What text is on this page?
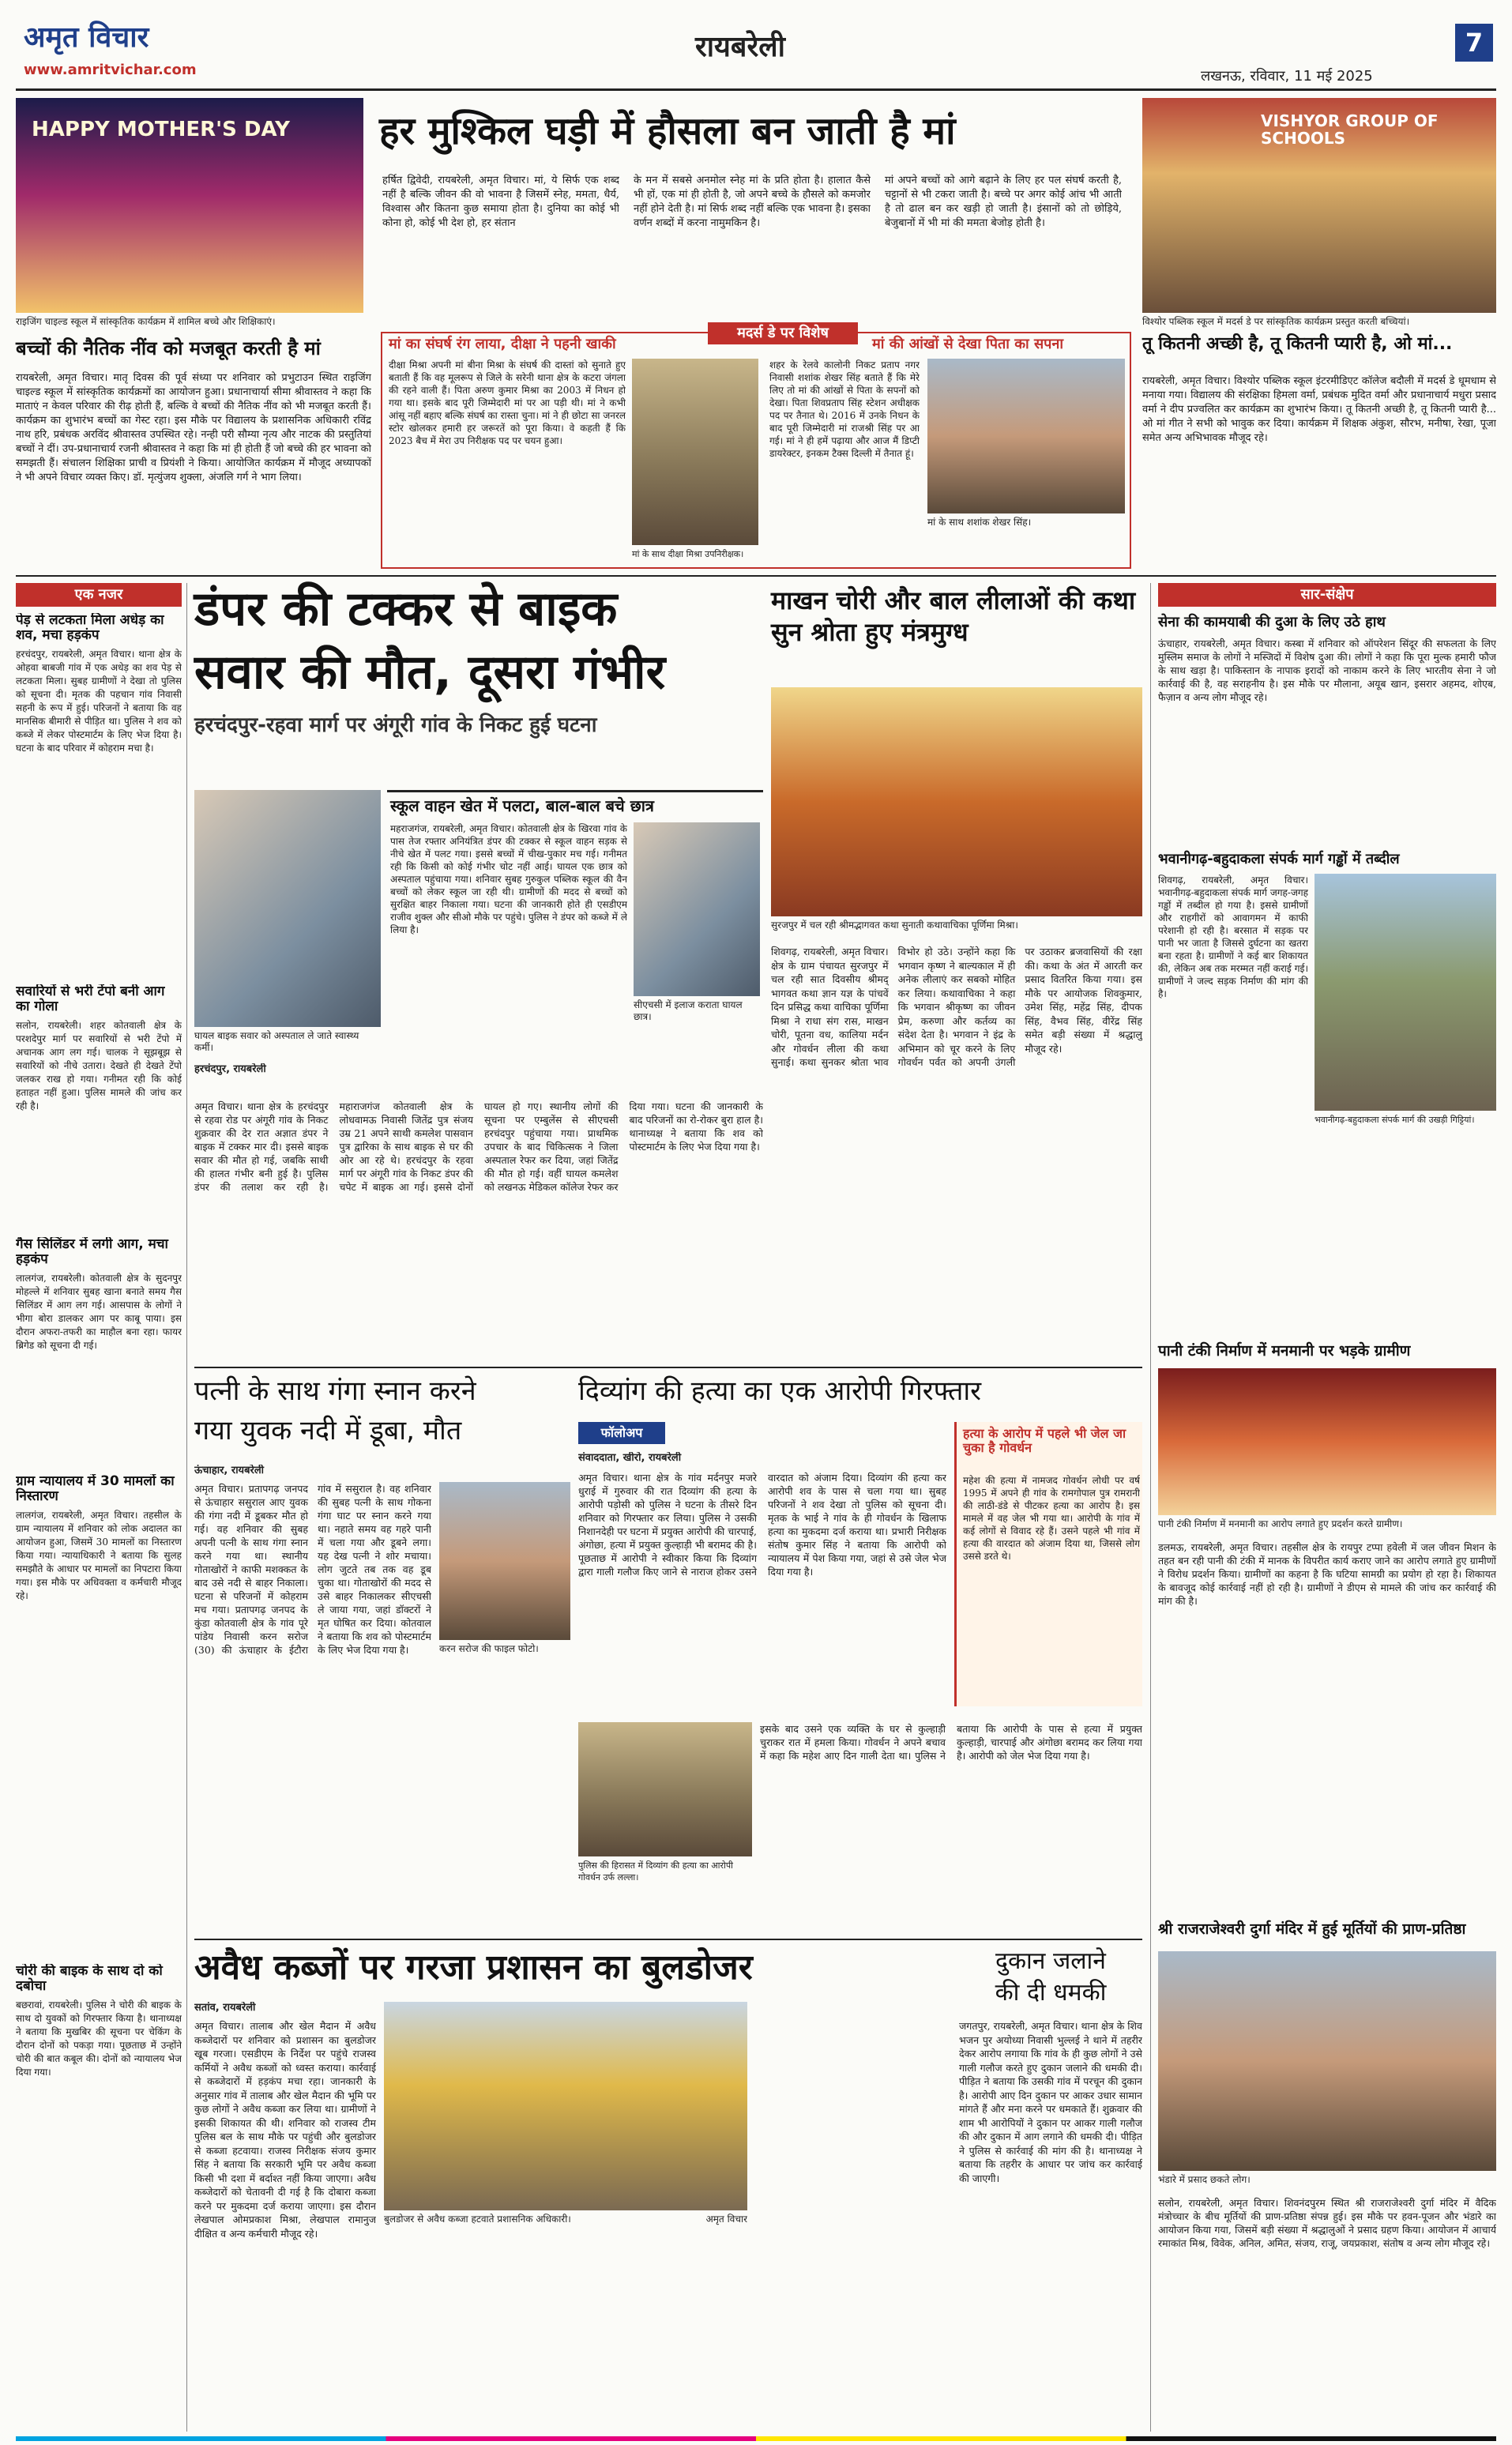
अमृत विचार
www.amritvichar.com
रायबरेली
लखनऊ, रविवार, 11 मई 2025
7
HAPPY MOTHER'S DAY
राइजिंग चाइल्ड स्कूल में सांस्कृतिक कार्यक्रम में शामिल बच्चे और शिक्षिकाएं।
हर मुश्किल घड़ी में हौसला बन जाती है मां
हर्षित द्विवेदी, रायबरेली, अमृत विचार। मां, ये सिर्फ एक शब्द नहीं है बल्कि जीवन की वो भावना है जिसमें स्नेह, ममता, धैर्य, विश्वास और कितना कुछ समाया होता है। दुनिया का कोई भी कोना हो, कोई भी देश हो, हर संतान
के मन में सबसे अनमोल स्नेह मां के प्रति होता है। हालात कैसे भी हों, एक मां ही होती है, जो अपने बच्चे के हौसले को कमजोर नहीं होने देती है। मां सिर्फ शब्द नहीं बल्कि एक भावना है। इसका वर्णन शब्दों में करना नामुमकिन है।
मां अपने बच्चों को आगे बढ़ाने के लिए हर पल संघर्ष करती है, चट्टानों से भी टकरा जाती है। बच्चे पर अगर कोई आंच भी आती है तो ढाल बन कर खड़ी हो जाती है। इंसानों को तो छोड़िये, बेजुबानों में भी मां की ममता बेजोड़ होती है।
VISHYOR GROUP OF SCHOOLS
विश्योर पब्लिक स्कूल में मदर्स डे पर सांस्कृतिक कार्यक्रम प्रस्तुत करती बच्चियां।
बच्चों की नैतिक नींव को मजबूत करती है मां
रायबरेली, अमृत विचार। मातृ दिवस की पूर्व संध्या पर शनिवार को प्रभुटाउन स्थित राइजिंग चाइल्ड स्कूल में सांस्कृतिक कार्यक्रमों का आयोजन हुआ। प्रधानाचार्या सीमा श्रीवास्तव ने कहा कि माताएं न केवल परिवार की रीढ़ होती हैं, बल्कि वे बच्चों की नैतिक नींव को भी मजबूत करती हैं। कार्यक्रम का शुभारंभ बच्चों का गेस्ट रहा। इस मौके पर विद्यालय के प्रशासनिक अधिकारी रविंद्र नाथ हरि, प्रबंधक अरविंद श्रीवास्तव उपस्थित रहे। नन्ही परी सौम्या नृत्य और नाटक की प्रस्तुतियां बच्चों ने दीं। उप-प्रधानाचार्य रजनी श्रीवास्तव ने कहा कि मां ही होती हैं जो बच्चे की हर भावना को समझती हैं। संचालन शिक्षिका प्राची व प्रियंशी ने किया। आयोजित कार्यक्रम में मौजूद अध्यापकों ने भी अपने विचार व्यक्त किए। डॉ. मृत्युंजय शुक्ला, अंजलि गर्ग ने भाग लिया।
मां का संघर्ष रंग लाया, दीक्षा ने पहनी खाकी
दीक्षा मिश्रा अपनी मां बीना मिश्रा के संघर्ष की दास्तां को सुनाते हुए बताती हैं कि वह मूलरूप से जिले के सरेनी थाना क्षेत्र के कटरा जंगला की रहने वाली हैं। पिता अरुण कुमार मिश्रा का 2003 में निधन हो गया था। इसके बाद पूरी जिम्मेदारी मां पर आ पड़ी थी। मां ने कभी आंसू नहीं बहाए बल्कि संघर्ष का रास्ता चुना। मां ने ही छोटा सा जनरल स्टोर खोलकर हमारी हर जरूरतें को पूरा किया। वे कहती हैं कि 2023 बैच में मेरा उप निरीक्षक पद पर चयन हुआ।
मां के साथ दीक्षा मिश्रा उपनिरीक्षक।
मदर्स डे पर विशेष
मां की आंखों से देखा पिता का सपना
शहर के रेलवे कालोनी निकट प्रताप नगर निवासी शशांक शेखर सिंह बताते हैं कि मेरे लिए तो मां की आंखों से पिता के सपनों को देखा। पिता शिवप्रताप सिंह स्टेशन अधीक्षक पद पर तैनात थे। 2016 में उनके निधन के बाद पूरी जिम्मेदारी मां राजश्री सिंह पर आ गई। मां ने ही हमें पढ़ाया और आज मैं डिप्टी डायरेक्टर, इनकम टैक्स दिल्ली में तैनात हूं।
मां के साथ शशांक शेखर सिंह।
तू कितनी अच्छी है, तू कितनी प्यारी है, ओ मां...
रायबरेली, अमृत विचार। विश्योर पब्लिक स्कूल इंटरमीडिएट कॉलेज बदौली में मदर्स डे धूमधाम से मनाया गया। विद्यालय की संरक्षिका हिमला वर्मा, प्रबंधक मुदित वर्मा और प्रधानाचार्य मधुरा प्रसाद वर्मा ने दीप प्रज्वलित कर कार्यक्रम का शुभारंभ किया। तू कितनी अच्छी है, तू कितनी प्यारी है... ओ मां गीत ने सभी को भावुक कर दिया। कार्यक्रम में शिक्षक अंकुश, सौरभ, मनीषा, रेखा, पूजा समेत अन्य अभिभावक मौजूद रहे।
एक नजर
पेड़ से लटकता मिला अधेड़ का शव, मचा हड़कंप
हरचंदपुर, रायबरेली, अमृत विचार। थाना क्षेत्र के ओहवा बाबजी गांव में एक अधेड़ का शव पेड़ से लटकता मिला। सुबह ग्रामीणों ने देखा तो पुलिस को सूचना दी। मृतक की पहचान गांव निवासी सहनी के रूप में हुई। परिजनों ने बताया कि वह मानसिक बीमारी से पीड़ित था। पुलिस ने शव को कब्जे में लेकर पोस्टमार्टम के लिए भेज दिया है। घटना के बाद परिवार में कोहराम मचा है।
सवारियों से भरी टेंपो बनी आग का गोला
सलोन, रायबरेली। शहर कोतवाली क्षेत्र के परशदेपुर मार्ग पर सवारियों से भरी टेंपो में अचानक आग लग गई। चालक ने सूझबूझ से सवारियों को नीचे उतारा। देखते ही देखते टेंपो जलकर राख हो गया। गनीमत रही कि कोई हताहत नहीं हुआ। पुलिस मामले की जांच कर रही है।
गैस सिलिंडर में लगी आग, मचा हड़कंप
लालगंज, रायबरेली। कोतवाली क्षेत्र के सुदनपुर मोहल्ले में शनिवार सुबह खाना बनाते समय गैस सिलिंडर में आग लग गई। आसपास के लोगों ने भीगा बोरा डालकर आग पर काबू पाया। इस दौरान अफरा-तफरी का माहौल बना रहा। फायर ब्रिगेड को सूचना दी गई।
ग्राम न्यायालय में 30 मामलों का निस्तारण
लालगंज, रायबरेली, अमृत विचार। तहसील के ग्राम न्यायालय में शनिवार को लोक अदालत का आयोजन हुआ, जिसमें 30 मामलों का निस्तारण किया गया। न्यायाधिकारी ने बताया कि सुलह समझौते के आधार पर मामलों का निपटारा किया गया। इस मौके पर अधिवक्ता व कर्मचारी मौजूद रहे।
चोरी की बाइक के साथ दो को दबोचा
बछरावां, रायबरेली। पुलिस ने चोरी की बाइक के साथ दो युवकों को गिरफ्तार किया है। थानाध्यक्ष ने बताया कि मुखबिर की सूचना पर चेकिंग के दौरान दोनों को पकड़ा गया। पूछताछ में उन्होंने चोरी की बात कबूल की। दोनों को न्यायालय भेज दिया गया।
डंपर की टक्कर से बाइक
सवार की मौत, दूसरा गंभीर
हरचंदपुर-रहवा मार्ग पर अंगूरी गांव के निकट हुई घटना
घायल बाइक सवार को अस्पताल ले जाते स्वास्थ्य कर्मी।
हरचंदपुर, रायबरेली
स्कूल वाहन खेत में पलटा, बाल-बाल बचे छात्र
महराजगंज, रायबरेली, अमृत विचार। कोतवाली क्षेत्र के खिरवा गांव के पास तेज रफ्तार अनियंत्रित डंपर की टक्कर से स्कूल वाहन सड़क से नीचे खेत में पलट गया। इससे बच्चों में चीख-पुकार मच गई। गनीमत रही कि किसी को कोई गंभीर चोट नहीं आई। घायल एक छात्र को अस्पताल पहुंचाया गया। शनिवार सुबह गुरुकुल पब्लिक स्कूल की वैन बच्चों को लेकर स्कूल जा रही थी। ग्रामीणों की मदद से बच्चों को सुरक्षित बाहर निकाला गया। घटना की जानकारी होते ही एसडीएम राजीव शुक्ल और सीओ मौके पर पहुंचे। पुलिस ने डंपर को कब्जे में ले लिया है।
सीएचसी में इलाज कराता घायल छात्र।
अमृत विचार। थाना क्षेत्र के हरचंदपुर से रहवा रोड पर अंगूरी गांव के निकट शुक्रवार की देर रात अज्ञात डंपर ने बाइक में टक्कर मार दी। इससे बाइक सवार की मौत हो गई, जबकि साथी की हालत गंभीर बनी हुई है। पुलिस डंपर की तलाश कर रही है। महाराजगंज कोतवाली क्षेत्र के लोधवामऊ निवासी जितेंद्र पुत्र संजय उम्र 21 अपने साथी कमलेश पासवान पुत्र द्वारिका के साथ बाइक से घर की ओर आ रहे थे। हरचंदपुर के रहवा मार्ग पर अंगूरी गांव के निकट डंपर की चपेट में बाइक आ गई। इससे दोनों घायल हो गए। स्थानीय लोगों की सूचना पर एम्बुलेंस से सीएचसी हरचंदपुर पहुंचाया गया। प्राथमिक उपचार के बाद चिकित्सक ने जिला अस्पताल रेफर कर दिया, जहां जितेंद्र की मौत हो गई। वहीं घायल कमलेश को लखनऊ मेडिकल कॉलेज रेफर कर दिया गया। घटना की जानकारी के बाद परिजनों का रो-रोकर बुरा हाल है। थानाध्यक्ष ने बताया कि शव को पोस्टमार्टम के लिए भेज दिया गया है।
माखन चोरी और बाल लीलाओं की कथा सुन श्रोता हुए मंत्रमुग्ध
सुरजपुर में चल रही श्रीमद्भागवत कथा सुनाती कथावाचिका पूर्णिमा मिश्रा।
शिवगढ़, रायबरेली, अमृत विचार। क्षेत्र के ग्राम पंचायत सुरजपुर में चल रही सात दिवसीय श्रीमद् भागवत कथा ज्ञान यज्ञ के पांचवें दिन प्रसिद्ध कथा वाचिका पूर्णिमा मिश्रा ने राधा संग रास, माखन चोरी, पूतना वध, कालिया मर्दन और गोवर्धन लीला की कथा सुनाई। कथा सुनकर श्रोता भाव विभोर हो उठे। उन्होंने कहा कि भगवान कृष्ण ने बाल्यकाल में ही अनेक लीलाएं कर सबको मोहित कर लिया। कथावाचिका ने कहा कि भगवान श्रीकृष्ण का जीवन प्रेम, करुणा और कर्तव्य का संदेश देता है। भगवान ने इंद्र के अभिमान को चूर करने के लिए गोवर्धन पर्वत को अपनी उंगली पर उठाकर ब्रजवासियों की रक्षा की। कथा के अंत में आरती कर प्रसाद वितरित किया गया। इस मौके पर आयोजक शिवकुमार, उमेश सिंह, महेंद्र सिंह, दीपक सिंह, वैभव सिंह, वीरेंद्र सिंह समेत बड़ी संख्या में श्रद्धालु मौजूद रहे।
सार-संक्षेप
सेना की कामयाबी की दुआ के लिए उठे हाथ
ऊंचाहार, रायबरेली, अमृत विचार। कस्बा में शनिवार को ऑपरेशन सिंदूर की सफलता के लिए मुस्लिम समाज के लोगों ने मस्जिदों में विशेष दुआ की। लोगों ने कहा कि पूरा मुल्क हमारी फौज के साथ खड़ा है। पाकिस्तान के नापाक इरादों को नाकाम करने के लिए भारतीय सेना ने जो कार्रवाई की है, वह सराहनीय है। इस मौके पर मौलाना, अयूब खान, इसरार अहमद, शोएब, फैज़ान व अन्य लोग मौजूद रहे।
भवानीगढ़-बहुदाकला संपर्क मार्ग गड्ढों में तब्दील
शिवगढ़, रायबरेली, अमृत विचार। भवानीगढ़-बहुदाकला संपर्क मार्ग जगह-जगह गड्ढों में तब्दील हो गया है। इससे ग्रामीणों और राहगीरों को आवागमन में काफी परेशानी हो रही है। बरसात में सड़क पर पानी भर जाता है जिससे दुर्घटना का खतरा बना रहता है। ग्रामीणों ने कई बार शिकायत की, लेकिन अब तक मरम्मत नहीं कराई गई। ग्रामीणों ने जल्द सड़क निर्माण की मांग की है।
भवानीगढ़-बहुदाकला संपर्क मार्ग की उखड़ी गिट्टियां।
पानी टंकी निर्माण में मनमानी पर भड़के ग्रामीण
पानी टंकी निर्माण में मनमानी का आरोप लगाते हुए प्रदर्शन करते ग्रामीण।
डलमऊ, रायबरेली, अमृत विचार। तहसील क्षेत्र के रायपुर टप्पा हवेली में जल जीवन मिशन के तहत बन रही पानी की टंकी में मानक के विपरीत कार्य कराए जाने का आरोप लगाते हुए ग्रामीणों ने विरोध प्रदर्शन किया। ग्रामीणों का कहना है कि घटिया सामग्री का प्रयोग हो रहा है। शिकायत के बावजूद कोई कार्रवाई नहीं हो रही है। ग्रामीणों ने डीएम से मामले की जांच कर कार्रवाई की मांग की है।
श्री राजराजेश्वरी दुर्गा मंदिर में हुई मूर्तियों की प्राण-प्रतिष्ठा
भंडारे में प्रसाद छकते लोग।
सलोन, रायबरेली, अमृत विचार। शिवनंदपुरम स्थित श्री राजराजेश्वरी दुर्गा मंदिर में वैदिक मंत्रोच्चार के बीच मूर्तियों की प्राण-प्रतिष्ठा संपन्न हुई। इस मौके पर हवन-पूजन और भंडारे का आयोजन किया गया, जिसमें बड़ी संख्या में श्रद्धालुओं ने प्रसाद ग्रहण किया। आयोजन में आचार्य रमाकांत मिश्र, विवेक, अनिल, अमित, संजय, राजू, जयप्रकाश, संतोष व अन्य लोग मौजूद रहे।
पत्नी के साथ गंगा स्नान करने
गया युवक नदी में डूबा, मौत
ऊंचाहार, रायबरेली
अमृत विचार। प्रतापगढ़ जनपद से ऊंचाहार ससुराल आए युवक की गंगा नदी में डूबकर मौत हो गई। वह शनिवार की सुबह अपनी पत्नी के साथ गंगा स्नान करने गया था। स्थानीय गोताखोरों ने काफी मशक्कत के बाद उसे नदी से बाहर निकाला। घटना से परिजनों में कोहराम मच गया। प्रतापगढ़ जनपद के कुंडा कोतवाली क्षेत्र के गांव पूरे पांडेय निवासी करन सरोज (30) की ऊंचाहार के ईटौरा गांव में ससुराल है। वह शनिवार की सुबह पत्नी के साथ गोकना गंगा घाट पर स्नान करने गया था। नहाते समय वह गहरे पानी में चला गया और डूबने लगा। यह देख पत्नी ने शोर मचाया। लोग जुटते तब तक वह डूब चुका था। गोताखोरों की मदद से उसे बाहर निकालकर सीएचसी ले जाया गया, जहां डॉक्टरों ने मृत घोषित कर दिया। कोतवाल ने बताया कि शव को पोस्टमार्टम के लिए भेज दिया गया है।	करन सरोज की फाइल फोटो।
दिव्यांग की हत्या का एक आरोपी गिरफ्तार
फॉलोअप
संवाददाता, खीरो, रायबरेली
अमृत विचार। थाना क्षेत्र के गांव मर्दनपुर मजरे धुराई में गुरुवार की रात दिव्यांग की हत्या के आरोपी पड़ोसी को पुलिस ने घटना के तीसरे दिन शनिवार को गिरफ्तार कर लिया। पुलिस ने उसकी निशानदेही पर घटना में प्रयुक्त आरोपी की चारपाई, अंगोछा, हत्या में प्रयुक्त कुल्हाड़ी भी बरामद की है। पूछताछ में आरोपी ने स्वीकार किया कि दिव्यांग द्वारा गाली गलौज किए जाने से नाराज होकर उसने वारदात को अंजाम दिया। दिव्यांग की हत्या कर आरोपी शव के पास से चला गया था। सुबह परिजनों ने शव देखा तो पुलिस को सूचना दी। मृतक के भाई ने गांव के ही गोवर्धन के खिलाफ हत्या का मुकदमा दर्ज कराया था। प्रभारी निरीक्षक संतोष कुमार सिंह ने बताया कि आरोपी को न्यायालय में पेश किया गया, जहां से उसे जेल भेज दिया गया है।
हत्या के आरोप में पहले भी जेल जा चुका है गोवर्धन
महेश की हत्या में नामजद गोवर्धन लोधी पर वर्ष 1995 में अपने ही गांव के रामगोपाल पुत्र रामरानी की लाठी-डंडे से पीटकर हत्या का आरोप है। इस मामले में वह जेल भी गया था। आरोपी के गांव में कई लोगों से विवाद रहे हैं। उसने पहले भी गांव में हत्या की वारदात को अंजाम दिया था, जिससे लोग उससे डरते थे।
पुलिस की हिरासत में दिव्यांग की हत्या का आरोपी गोवर्धन उर्फ लल्ला।
इसके बाद उसने एक व्यक्ति के घर से कुल्हाड़ी चुराकर रात में हमला किया। गोवर्धन ने अपने बचाव में कहा कि महेश आए दिन गाली देता था। पुलिस ने बताया कि आरोपी के पास से हत्या में प्रयुक्त कुल्हाड़ी, चारपाई और अंगोछा बरामद कर लिया गया है। आरोपी को जेल भेज दिया गया है।
अवैध कब्जों पर गरजा प्रशासन का बुलडोजर
सतांव, रायबरेली
बुलडोजर से अवैध कब्जा हटवाते प्रशासनिक अधिकारी।	अमृत विचार
अमृत विचार। तालाब और खेल मैदान में अवैध कब्जेदारों पर शनिवार को प्रशासन का बुलडोजर खूब गरजा। एसडीएम के निर्देश पर पहुंचे राजस्व कर्मियों ने अवैध कब्जों को ध्वस्त कराया। कार्रवाई से कब्जेदारों में हड़कंप मचा रहा। जानकारी के अनुसार गांव में तालाब और खेल मैदान की भूमि पर कुछ लोगों ने अवैध कब्जा कर लिया था। ग्रामीणों ने इसकी शिकायत की थी। शनिवार को राजस्व टीम पुलिस बल के साथ मौके पर पहुंची और बुलडोजर से कब्जा हटवाया। राजस्व निरीक्षक संजय कुमार सिंह ने बताया कि सरकारी भूमि पर अवैध कब्जा किसी भी दशा में बर्दाश्त नहीं किया जाएगा। अवैध कब्जेदारों को चेतावनी दी गई है कि दोबारा कब्जा करने पर मुकदमा दर्ज कराया जाएगा। इस दौरान लेखपाल ओमप्रकाश मिश्रा, लेखपाल रामानुज दीक्षित व अन्य कर्मचारी मौजूद रहे।
दुकान जलाने
की दी धमकी
जगतपुर, रायबरेली, अमृत विचार। थाना क्षेत्र के शिव भजन पुर अयोध्या निवासी भुल्लई ने थाने में तहरीर देकर आरोप लगाया कि गांव के ही कुछ लोगों ने उसे गाली गलौज करते हुए दुकान जलाने की धमकी दी। पीड़ित ने बताया कि उसकी गांव में परचून की दुकान है। आरोपी आए दिन दुकान पर आकर उधार सामान मांगते हैं और मना करने पर धमकाते हैं। शुक्रवार की शाम भी आरोपियों ने दुकान पर आकर गाली गलौज की और दुकान में आग लगाने की धमकी दी। पीड़ित ने पुलिस से कार्रवाई की मांग की है। थानाध्यक्ष ने बताया कि तहरीर के आधार पर जांच कर कार्रवाई की जाएगी।
